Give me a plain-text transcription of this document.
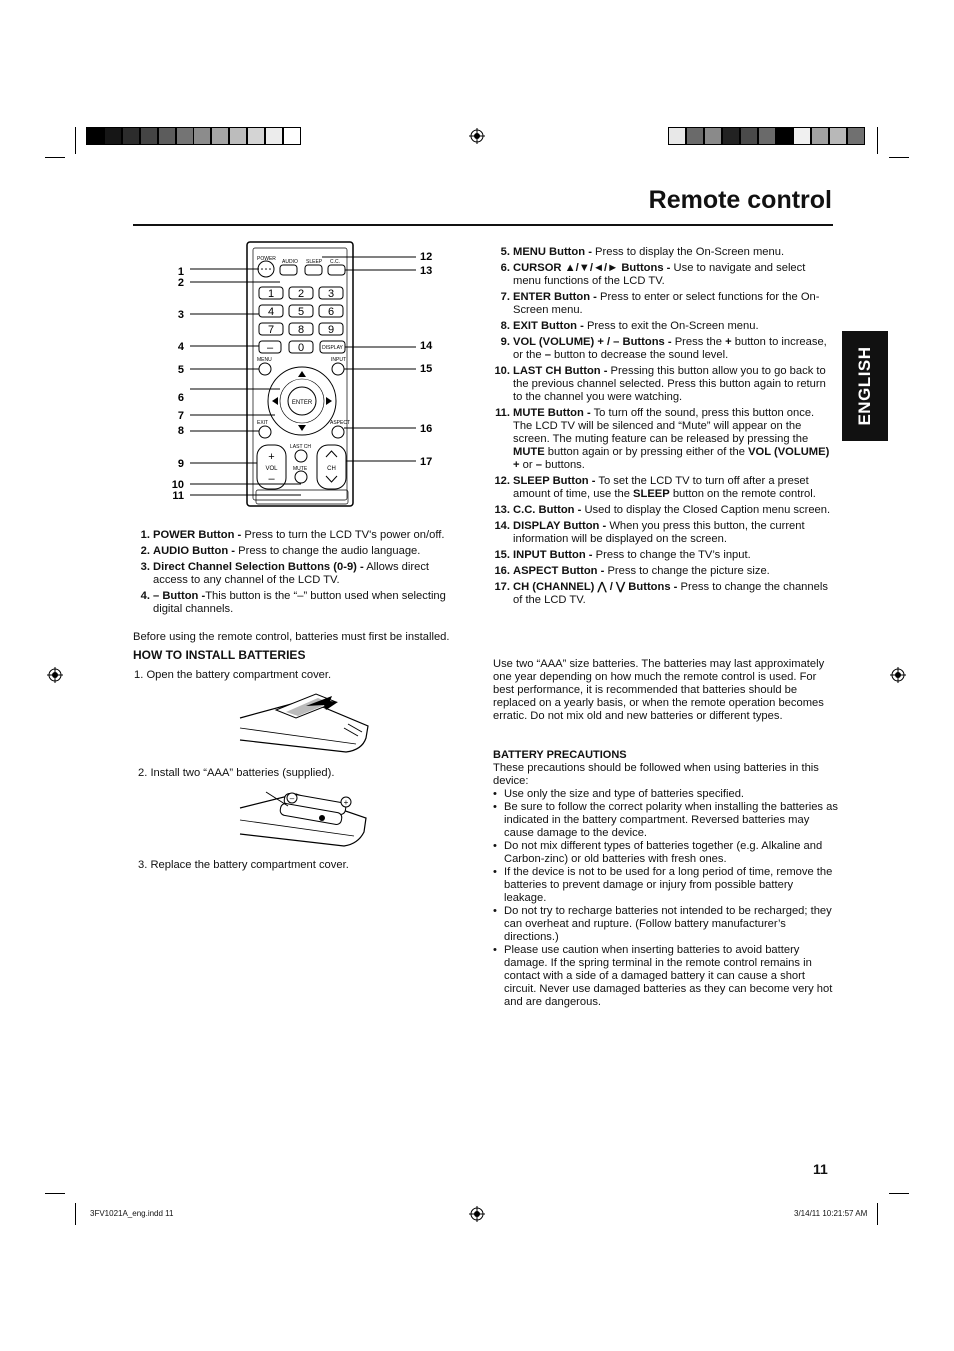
Remote control
ENGLISH
POWER AUDIO SLEEP C.C.
1 2 3
4 5 6
7 8 9
0
–	DISPLAY
MENU	INPUT
ENTER
EXIT	ASPECT
LAST CH
MUTE
+
VOL
–
CH
1
2
3
4
5
6
7
8
9
10
11
12
13
14
15
16
17
1. POWER Button - Press to turn the LCD TV's power on/off.
2. AUDIO Button - Press to change the audio language.
3. Direct Channel Selection Buttons (0-9) - Allows direct access to any channel of the LCD TV.
4. – Button -This button is the “–” button used when selecting digital channels.
5. MENU Button - Press to display the On-Screen menu.
6. CURSOR ▲/▼/◄/► Buttons - Use to navigate and select menu functions of the LCD TV.
7. ENTER Button - Press to enter or select functions for the On-Screen menu.
8. EXIT Button - Press to exit the On-Screen menu.
9. VOL (VOLUME) + / – Buttons - Press the + button to increase, or the – button to decrease the sound level.
10. LAST CH Button - Pressing this button allow you to go back to the previous channel selected. Press this button again to return to the channel you were watching.
11. MUTE Button - To turn off the sound, press this button once. The LCD TV will be silenced and “Mute” will appear on the screen. The muting feature can be released by pressing the MUTE button again or by pressing either of the VOL (VOLUME) + or – buttons.
12. SLEEP Button - To set the LCD TV to turn off after a preset amount of time, use the SLEEP button on the remote control.
13. C.C. Button - Used to display the Closed Caption menu screen.
14. DISPLAY Button - When you press this button, the current information will be displayed on the screen.
15. INPUT Button - Press to change the TV’s input.
16. ASPECT Button - Press to change the picture size.
17. CH (CHANNEL) ⋀ / ⋁ Buttons - Press to change the channels of the LCD TV.
Before using the remote control, batteries must first be installed.
HOW TO INSTALL BATTERIES
1. Open the battery compartment cover.
2. Install two “AAA” batteries (supplied).
–	+
3. Replace the battery compartment cover.
Use two “AAA” size batteries. The batteries may last approximately one year depending on how much the remote control is used. For best performance, it is recommended that batteries should be replaced on a yearly basis, or when the remote operation becomes erratic. Do not mix old and new batteries or different types.
BATTERY PRECAUTIONS
These precautions should be followed when using batteries in this device:
• Use only the size and type of batteries specified.
• Be sure to follow the correct polarity when installing the batteries as indicated in the battery compartment. Reversed batteries may cause damage to the device.
• Do not mix different types of batteries together (e.g. Alkaline and Carbon-zinc) or old batteries with fresh ones.
• If the device is not to be used for a long period of time, remove the batteries to prevent damage or injury from possible battery leakage.
• Do not try to recharge batteries not intended to be recharged; they can overheat and rupture. (Follow battery manufacturer’s directions.)
• Please use caution when inserting batteries to avoid battery damage. If the spring terminal in the remote control remains in contact with a side of a damaged battery it can cause a short circuit. Never use damaged batteries as they can become very hot and are dangerous.
11
3FV1021A_eng.indd 11	3/14/11 10:21:57 AM
